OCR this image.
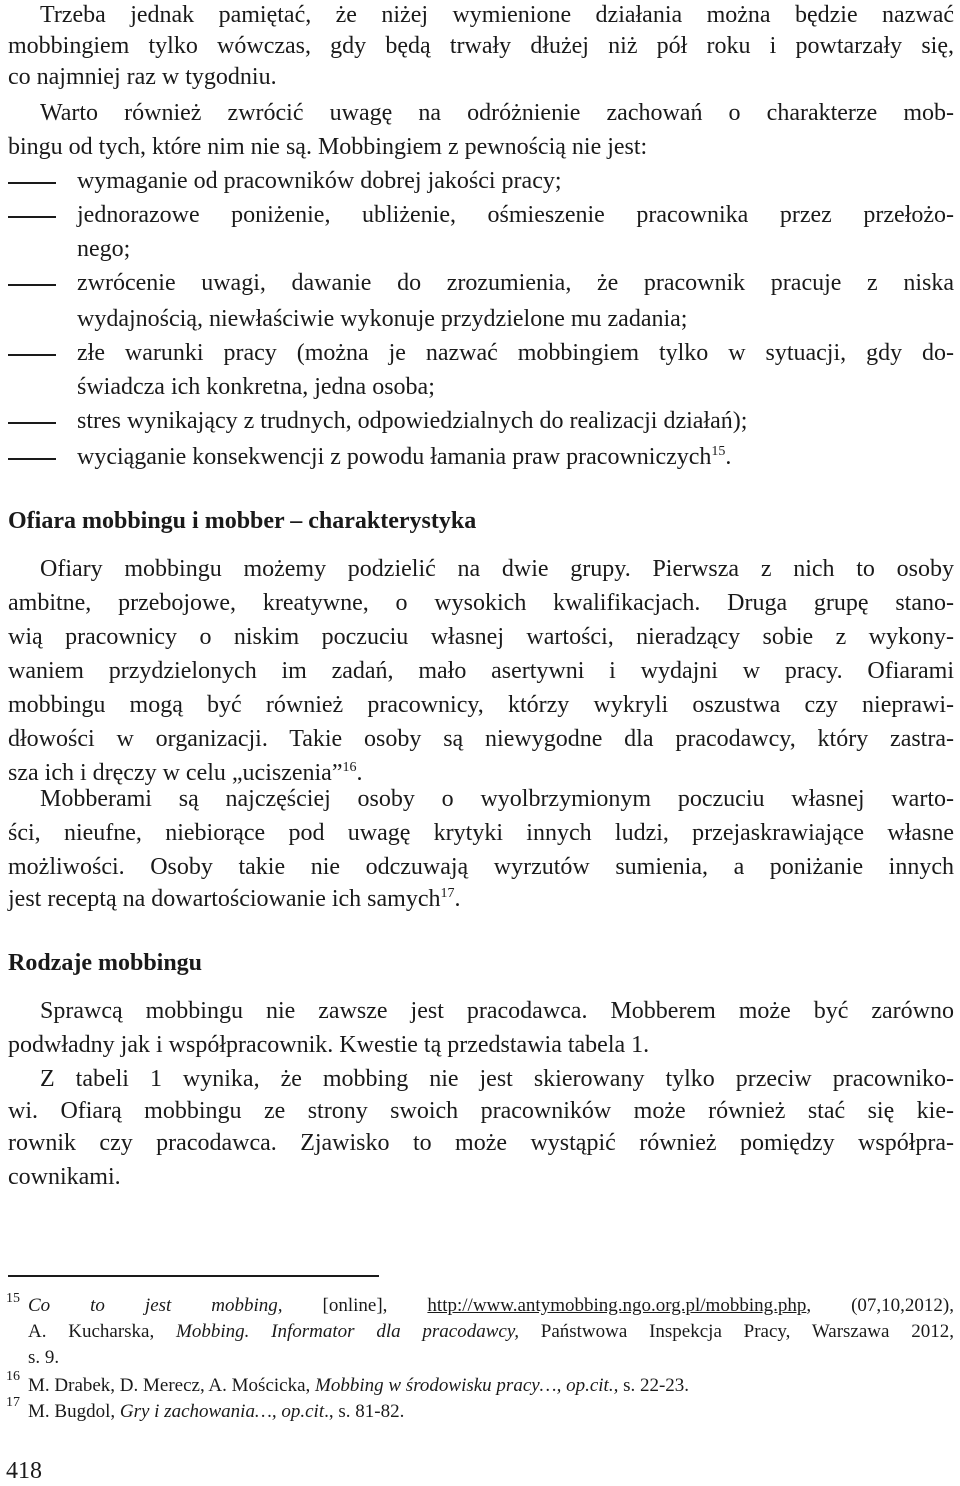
Trzeba jednak pamiętać, że niżej wymienione działania można będzie nazwać
mobbingiem tylko wówczas, gdy będą trwały dłużej niż pół roku i powtarzały się,
co najmniej raz w tygodniu.
Warto również zwrócić uwagę na odróżnienie zachowań o charakterze mob-
bingu od tych, które nim nie są. Mobbingiem z pewnością nie jest:
wymaganie od pracowników dobrej jakości pracy;
jednorazowe poniżenie, ubliżenie, ośmieszenie pracownika przez przełożo-
nego;
zwrócenie uwagi, dawanie do zrozumienia, że pracownik pracuje z niska
wydajnością, niewłaściwie wykonuje przydzielone mu zadania;
złe warunki pracy (można je nazwać mobbingiem tylko w sytuacji, gdy do-
świadcza ich konkretna, jedna osoba;
stres wynikający z trudnych, odpowiedzialnych do realizacji działań);
wyciąganie konsekwencji z powodu łamania praw pracowniczych$^{15}$.
Ofiara mobbingu i mobber – charakterystyka
Ofiary mobbingu możemy podzielić na dwie grupy. Pierwsza z nich to osoby
ambitne, przebojowe, kreatywne, o wysokich kwalifikacjach. Druga grupę stano-
wią pracownicy o niskim poczuciu własnej wartości, nieradzący sobie z wykony-
waniem przydzielonych im zadań, mało asertywni i wydajni w pracy. Ofiarami
mobbingu mogą być również pracownicy, którzy wykryli oszustwa czy nieprawi-
dłowości w organizacji. Takie osoby są niewygodne dla pracodawcy, który zastra-
sza ich i dręczy w celu „uciszenia”$^{16}$.
Mobberami są najczęściej osoby o wyolbrzymionym poczuciu własnej warto-
ści, nieufne, niebiorące pod uwagę krytyki innych ludzi, przejaskrawiające własne
możliwości. Osoby takie nie odczuwają wyrzutów sumienia, a poniżanie innych
jest receptą na dowartościowanie ich samych$^{17}$.
Rodzaje mobbingu
Sprawcą mobbingu nie zawsze jest pracodawca. Mobberem może być zarówno
podwładny jak i współpracownik. Kwestie tą przedstawia tabela 1.
Z tabeli 1 wynika, że mobbing nie jest skierowany tylko przeciw pracowniko-
wi. Ofiarą mobbingu ze strony swoich pracowników może również stać się kie-
rownik czy pracodawca. Zjawisko to może wystąpić również pomiędzy współpra-
cownikami.
15 Co to jest mobbing, [online], http://www.antymobbing.ngo.org.pl/mobbing.php, (07,10,2012),
A. Kucharska, Mobbing. Informator dla pracodawcy, Państwowa Inspekcja Pracy, Warszawa 2012,
s. 9.
16 M. Drabek, D. Merecz, A. Mościcka, Mobbing w środowisku pracy…, op.cit., s. 22-23.
17 M. Bugdol, Gry i zachowania…, op.cit., s. 81-82.
418
